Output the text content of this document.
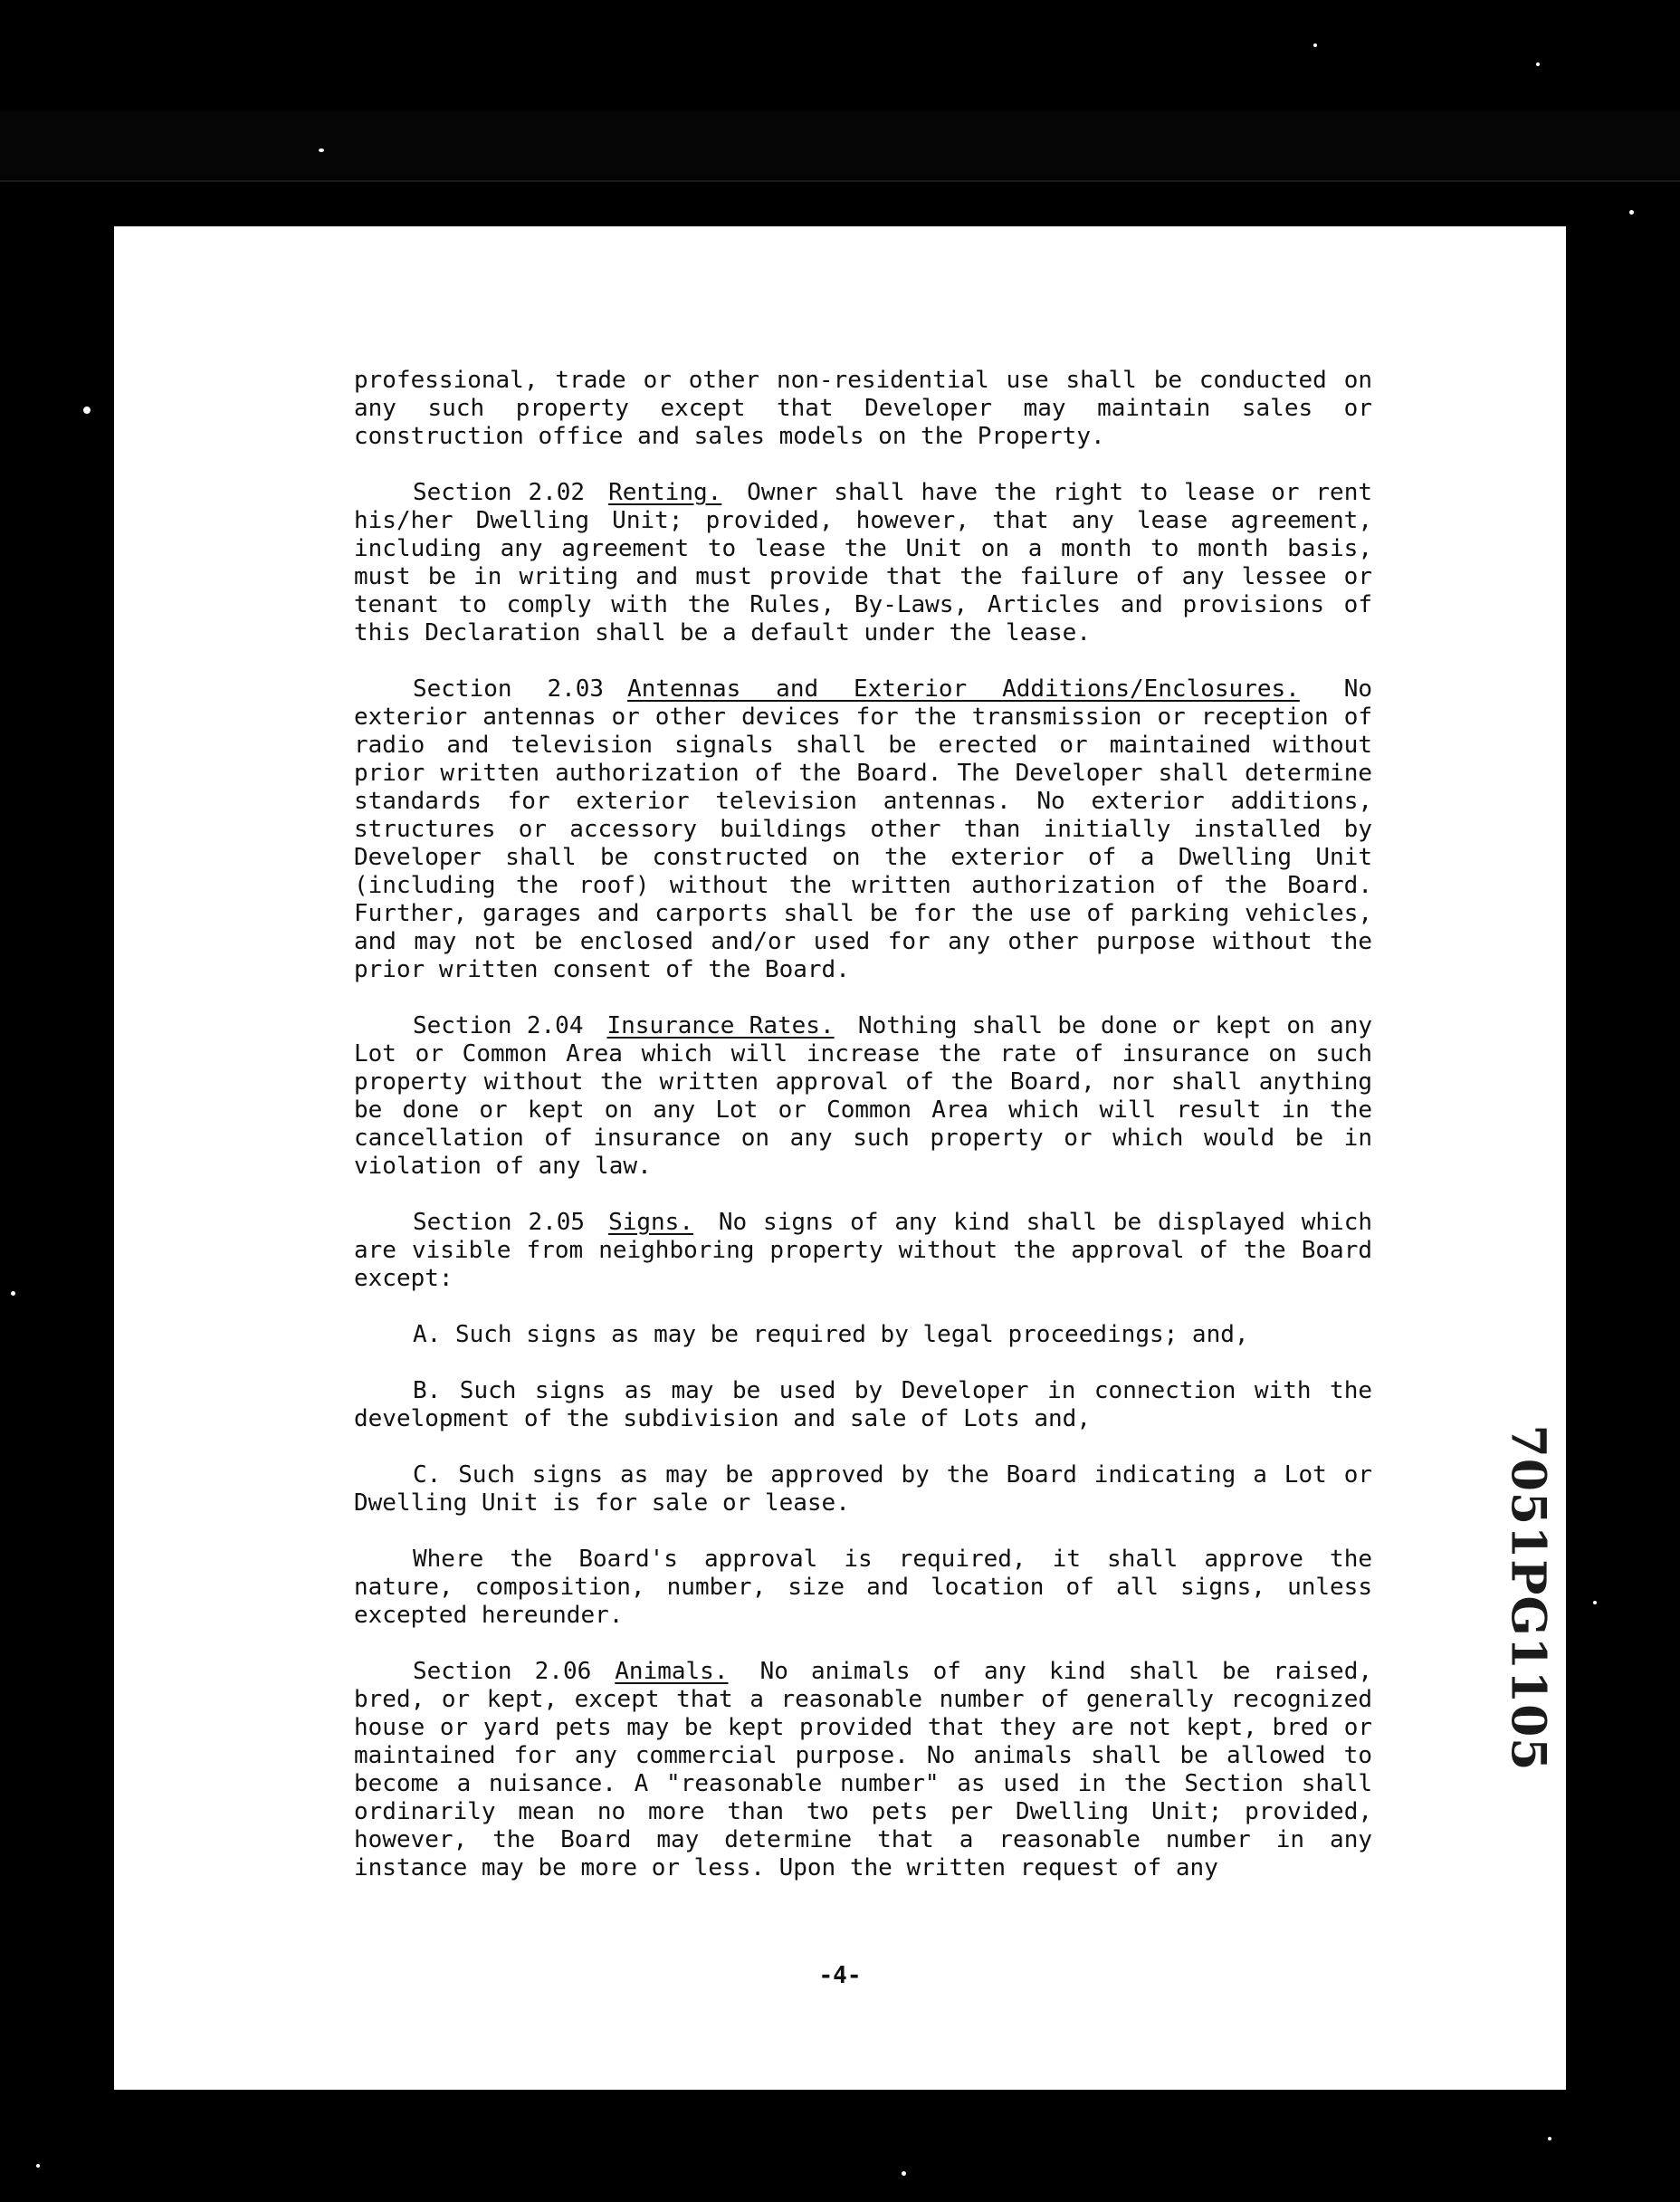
professional, trade or other non-residential use shall be conducted on any such property except that Developer may maintain sales or construction office and sales models on the Property.

Section 2.02 Renting. Owner shall have the right to lease or rent his/her Dwelling Unit; provided, however, that any lease agreement, including any agreement to lease the Unit on a month to month basis, must be in writing and must provide that the failure of any lessee or tenant to comply with the Rules, By-Laws, Articles and provisions of this Declaration shall be a default under the lease.

Section 2.03 Antennas and Exterior Additions/Enclosures. No exterior antennas or other devices for the transmission or reception of radio and television signals shall be erected or maintained without prior written authorization of the Board. The Developer shall determine standards for exterior television antennas. No exterior additions, structures or accessory buildings other than initially installed by Developer shall be constructed on the exterior of a Dwelling Unit (including the roof) without the written authorization of the Board. Further, garages and carports shall be for the use of parking vehicles, and may not be enclosed and/or used for any other purpose without the prior written consent of the Board.

Section 2.04 Insurance Rates. Nothing shall be done or kept on any Lot or Common Area which will increase the rate of insurance on such property without the written approval of the Board, nor shall anything be done or kept on any Lot or Common Area which will result in the cancellation of insurance on any such property or which would be in violation of any law.

Section 2.05 Signs. No signs of any kind shall be displayed which are visible from neighboring property without the approval of the Board except:

A. Such signs as may be required by legal proceedings; and,

B. Such signs as may be used by Developer in connection with the development of the subdivision and sale of Lots and,

C. Such signs as may be approved by the Board indicating a Lot or Dwelling Unit is for sale or lease.

Where the Board's approval is required, it shall approve the nature, composition, number, size and location of all signs, unless excepted hereunder.

Section 2.06 Animals. No animals of any kind shall be raised, bred, or kept, except that a reasonable number of generally recognized house or yard pets may be kept provided that they are not kept, bred or maintained for any commercial purpose. No animals shall be allowed to become a nuisance. A "reasonable number" as used in the Section shall ordinarily mean no more than two pets per Dwelling Unit; provided, however, the Board may determine that a reasonable number in any instance may be more or less. Upon the written request of any

-4-
7051PG1105
